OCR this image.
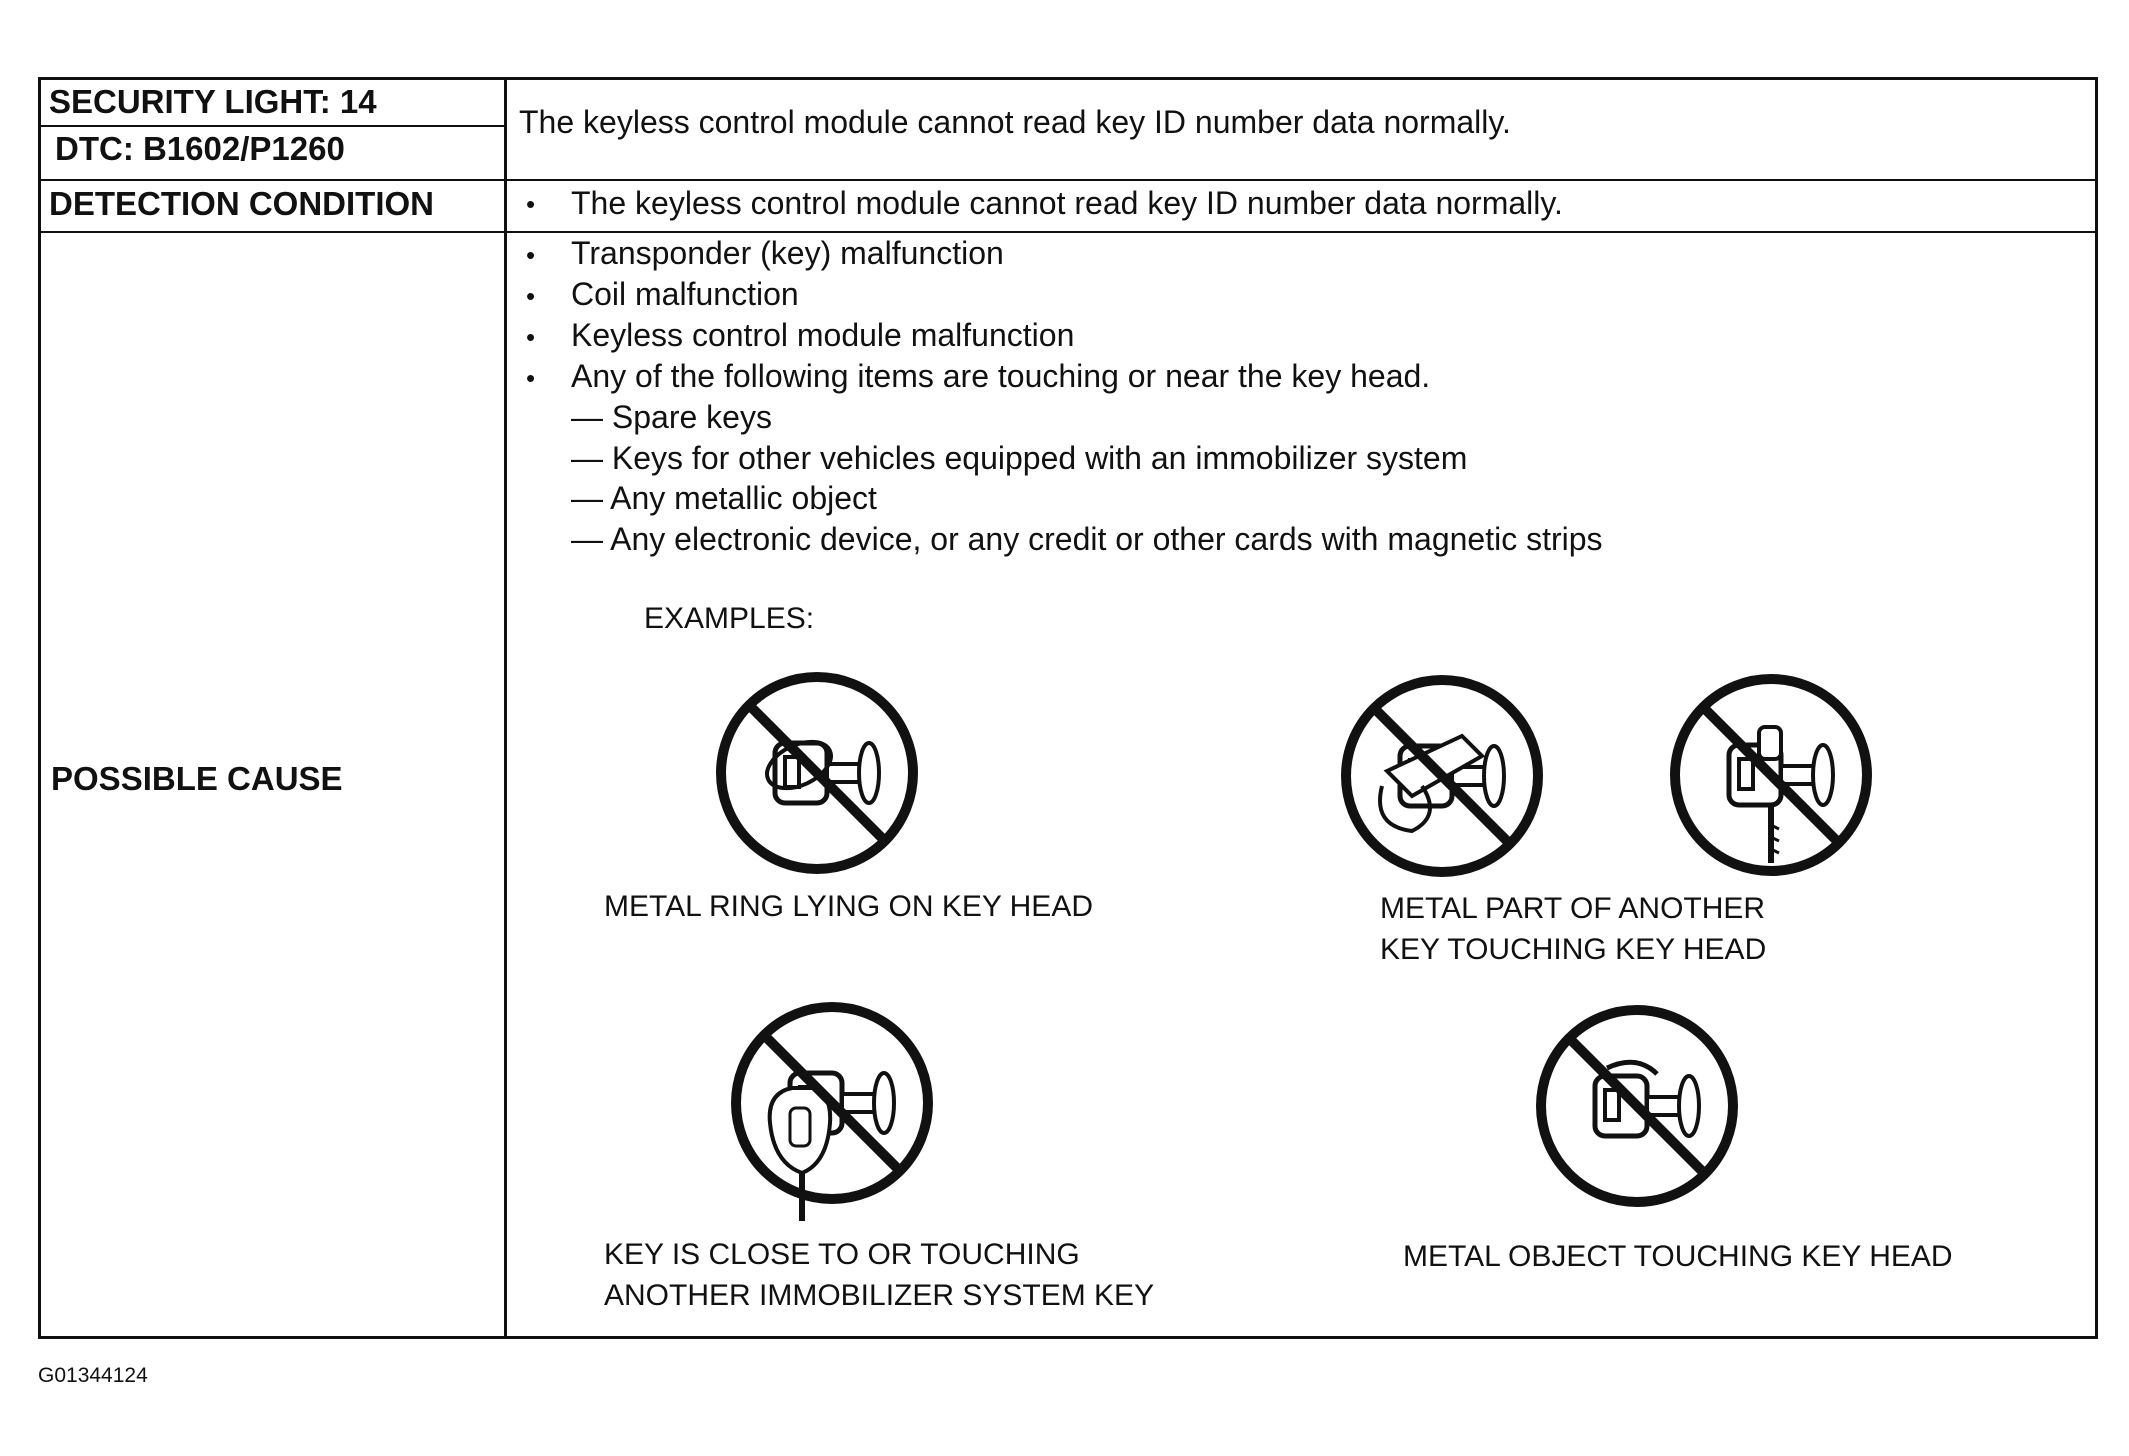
SECURITY LIGHT: 14
DTC: B1602/P1260
The keyless control module cannot read key ID number data normally.
DETECTION CONDITION	• The keyless control module cannot read key ID number data normally.
POSSIBLE CAUSE
• Transponder (key) malfunction
• Coil malfunction
• Keyless control module malfunction
• Any of the following items are touching or near the key head.
— Spare keys
— Keys for other vehicles equipped with an immobilizer system
— Any metallic object
— Any electronic device, or any credit or other cards with magnetic strips
EXAMPLES:
METAL RING LYING ON KEY HEAD	METAL PART OF ANOTHER
KEY TOUCHING KEY HEAD
KEY IS CLOSE TO OR TOUCHING
ANOTHER IMMOBILIZER SYSTEM KEY
METAL OBJECT TOUCHING KEY HEAD
G01344124
